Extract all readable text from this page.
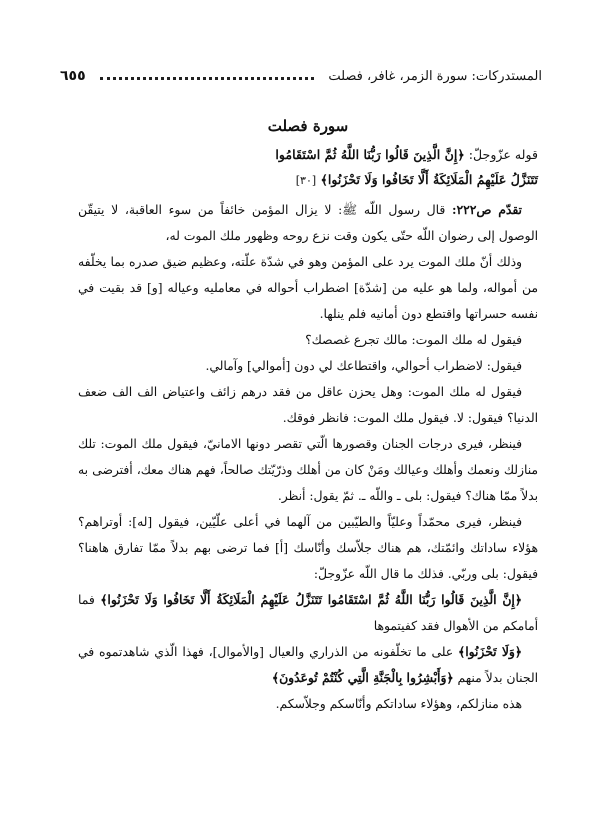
٦٥٥	المستدركات: سورة الزمر، غافر، فصلت
سورة فصلت
قوله عزّوجلّ: ﴿إِنَّ الَّذِينَ قَالُوا رَبُّنَا اللَّهُ ثُمَّ اسْتَقَامُوا
تَتَنَزَّلُ عَلَيْهِمُ الْمَلَائِكَةُ أَلَّا تَخَافُوا وَلَا تَحْزَنُوا﴾ [٣٠]

تقدّم ص٢٢٢: قال رسول اللّه ﷺ: لا يزال المؤمن خائفاً من سوء العاقبة، لا يتيقّن الوصول إلى رضوان اللّه حتّى يكون وقت نزع روحه وظهور ملك الموت له،

وذلك أنّ ملك الموت يرد على المؤمن وهو في شدّة علّته، وعظيم ضيق صدره بما يخلّفه من أمواله، ولما هو عليه من [شدّة] اضطراب أحواله في معامليه وعياله [و] قد بقيت في نفسه حسراتها واقتطع دون أمانيه فلم ينلها.

فيقول له ملك الموت: مالك تجرع غصصك؟

فيقول: لاضطراب أحوالي، واقتطاعك لي دون [أموالي] وآمالي.

فيقول له ملك الموت: وهل يحزن عاقل من فقد درهم زائف واعتياض الف الف ضعف الدنيا؟ فيقول: لا. فيقول ملك الموت: فانظر فوقك.

فينظر، فيرى درجات الجنان وقصورها الّتي تقصر دونها الامانيّ، فيقول ملك الموت: تلك منازلك ونعمك وأهلك وعيالك ومَنْ كان من أهلك وذرّيّتك صالحاً، فهم هناك معك، أفترضى به بدلاً ممّا هناك؟ فيقول: بلى ـ واللّه ـ. ثمّ يقول: أنظر.

فينظر، فيرى محمّداً وعليّاً والطيّبين من آلهما في أعلى علّيّين، فيقول [له]: أوتراهم؟ هؤلاء ساداتك وائمّتك، هم هناك جلاّسك وأنّاسك [أ] فما ترضى بهم بدلاً ممّا تفارق هاهنا؟ فيقول: بلى وربّي. فذلك ما قال اللّه عزّوجلّ:

﴿إِنَّ الَّذِينَ قَالُوا رَبُّنَا اللَّهُ ثُمَّ اسْتَقَامُوا تَتَنَزَّلُ عَلَيْهِمُ الْمَلَائِكَةُ أَلَّا تَخَافُوا وَلَا تَحْزَنُوا﴾ فما أمامكم من الأهوال فقد كفيتموها

﴿وَلَا تَحْزَنُوا﴾ على ما تخلّفونه من الذراري والعيال [والأموال]، فهذا الّذي شاهدتموه في الجنان بدلاً منهم ﴿وَأَبْشِرُوا بِالْجَنَّةِ الَّتِي كُنْتُمْ تُوعَدُونَ﴾

هذه منازلكم، وهؤلاء ساداتكم وأنّاسكم وجلاّسكم.
